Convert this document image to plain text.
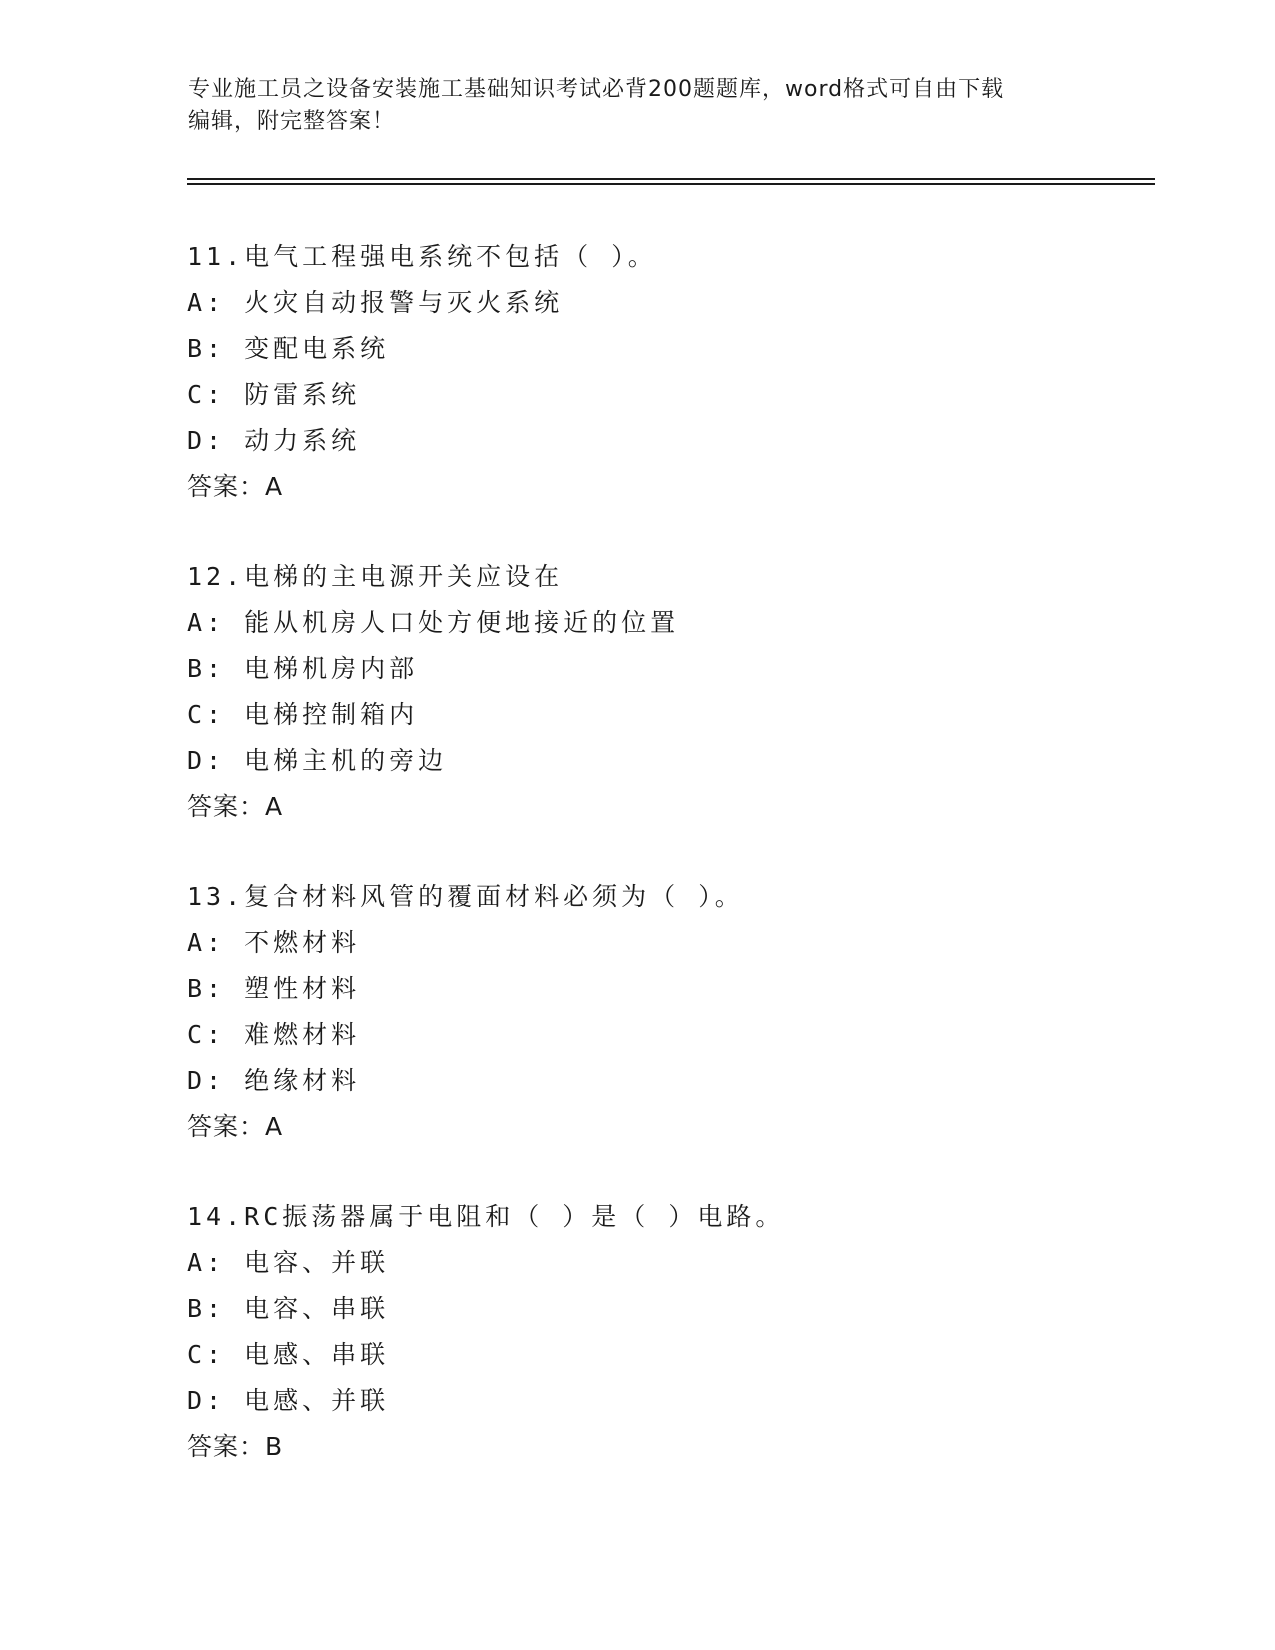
专业施工员之设备安装施工基础知识考试必背200题题库，word格式可自由下载
编辑，附完整答案！
11.电气工程强电系统不包括（ ）。
A: 火灾自动报警与灭火系统
B: 变配电系统
C: 防雷系统
D: 动力系统
答案：A
12.电梯的主电源开关应设在
A: 能从机房人口处方便地接近的位置
B: 电梯机房内部
C: 电梯控制箱内
D: 电梯主机的旁边
答案：A
13.复合材料风管的覆面材料必须为（ ）。
A: 不燃材料
B: 塑性材料
C: 难燃材料
D: 绝缘材料
答案：A
14.RC振荡器属于电阻和（ ）是（ ）电路。
A: 电容、并联
B: 电容、串联
C: 电感、串联
D: 电感、并联
答案：B
